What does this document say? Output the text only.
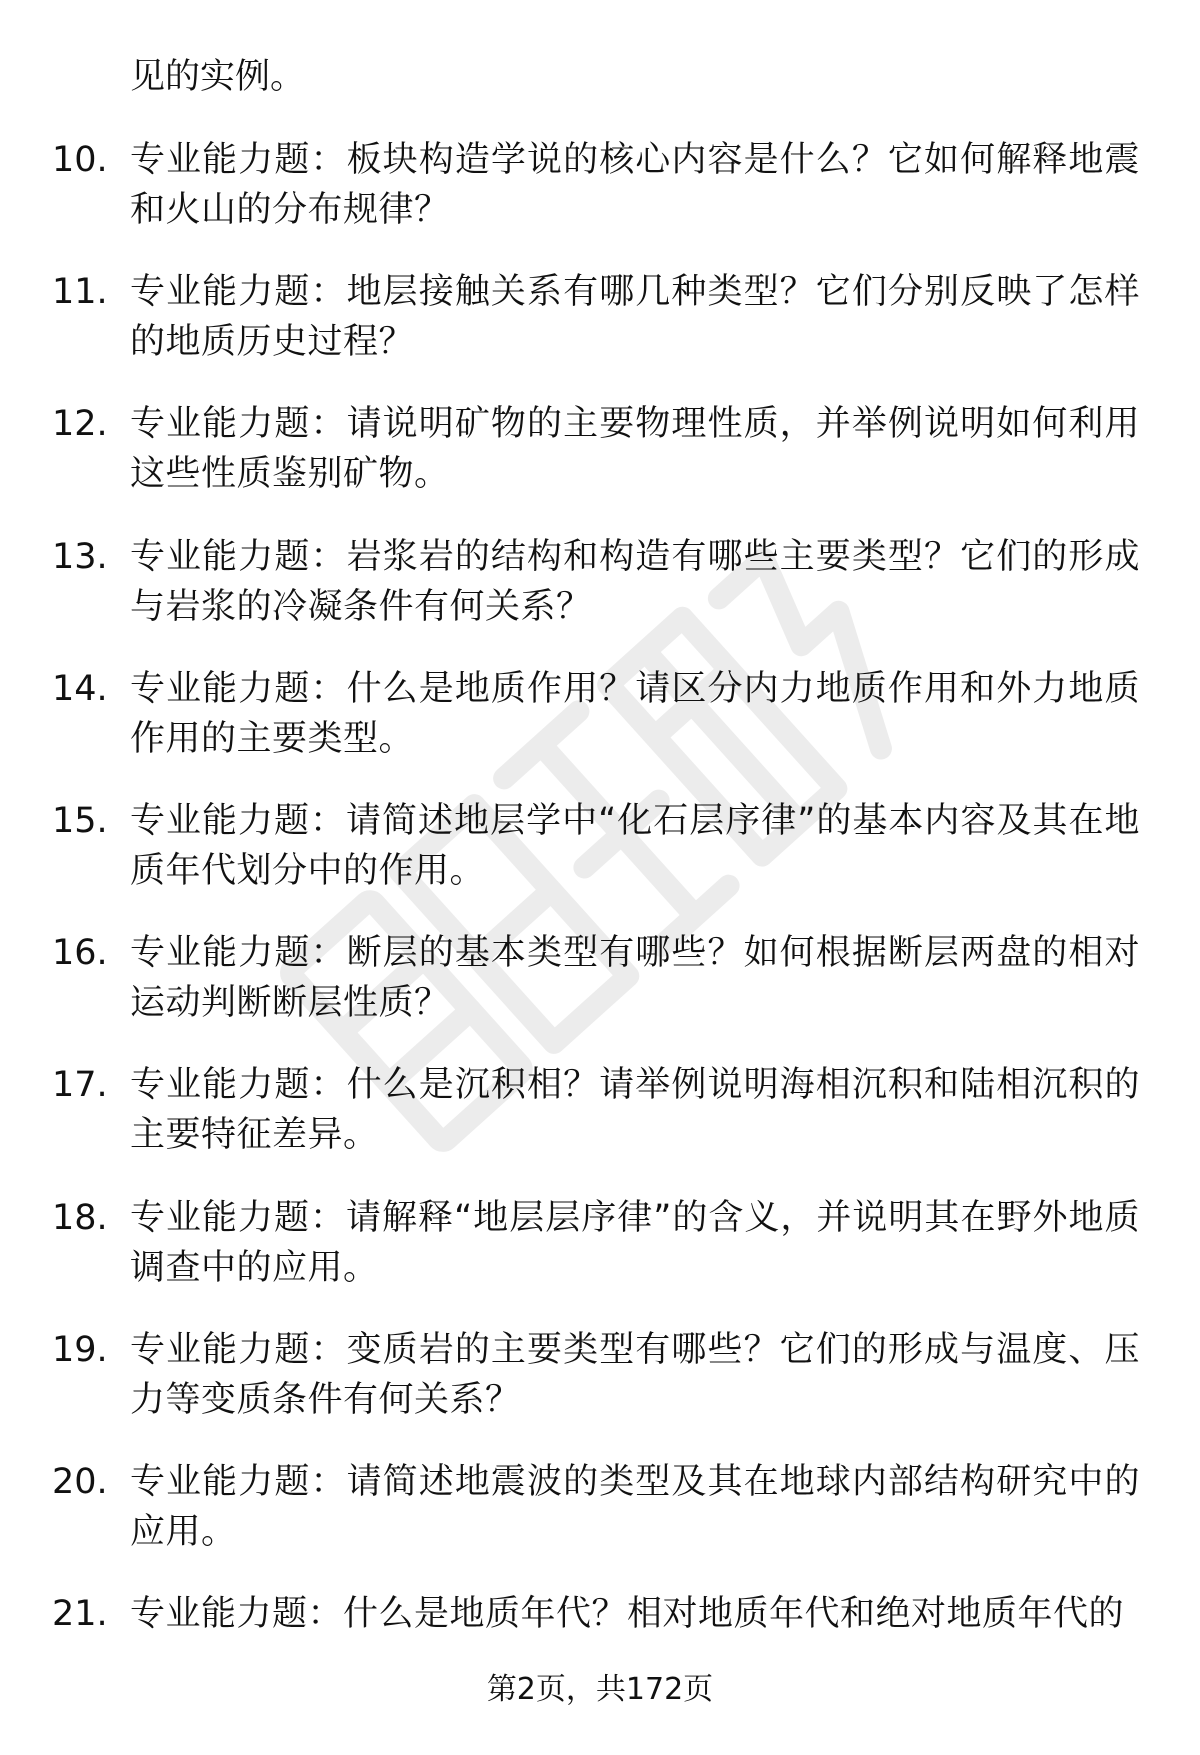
见的实例。
10. 专业能力题：板块构造学说的核心内容是什么？它如何解释地震和火山的分布规律？
11. 专业能力题：地层接触关系有哪几种类型？它们分别反映了怎样的地质历史过程？
12. 专业能力题：请说明矿物的主要物理性质，并举例说明如何利用这些性质鉴别矿物。
13. 专业能力题：岩浆岩的结构和构造有哪些主要类型？它们的形成与岩浆的冷凝条件有何关系？
14. 专业能力题：什么是地质作用？请区分内力地质作用和外力地质作用的主要类型。
15. 专业能力题：请简述地层学中“化石层序律”的基本内容及其在地质年代划分中的作用。
16. 专业能力题：断层的基本类型有哪些？如何根据断层两盘的相对运动判断断层性质？
17. 专业能力题：什么是沉积相？请举例说明海相沉积和陆相沉积的主要特征差异。
18. 专业能力题：请解释“地层层序律”的含义，并说明其在野外地质调查中的应用。
19. 专业能力题：变质岩的主要类型有哪些？它们的形成与温度、压力等变质条件有何关系？
20. 专业能力题：请简述地震波的类型及其在地球内部结构研究中的应用。
21. 专业能力题：什么是地质年代？相对地质年代和绝对地质年代的
第2页，共172页
